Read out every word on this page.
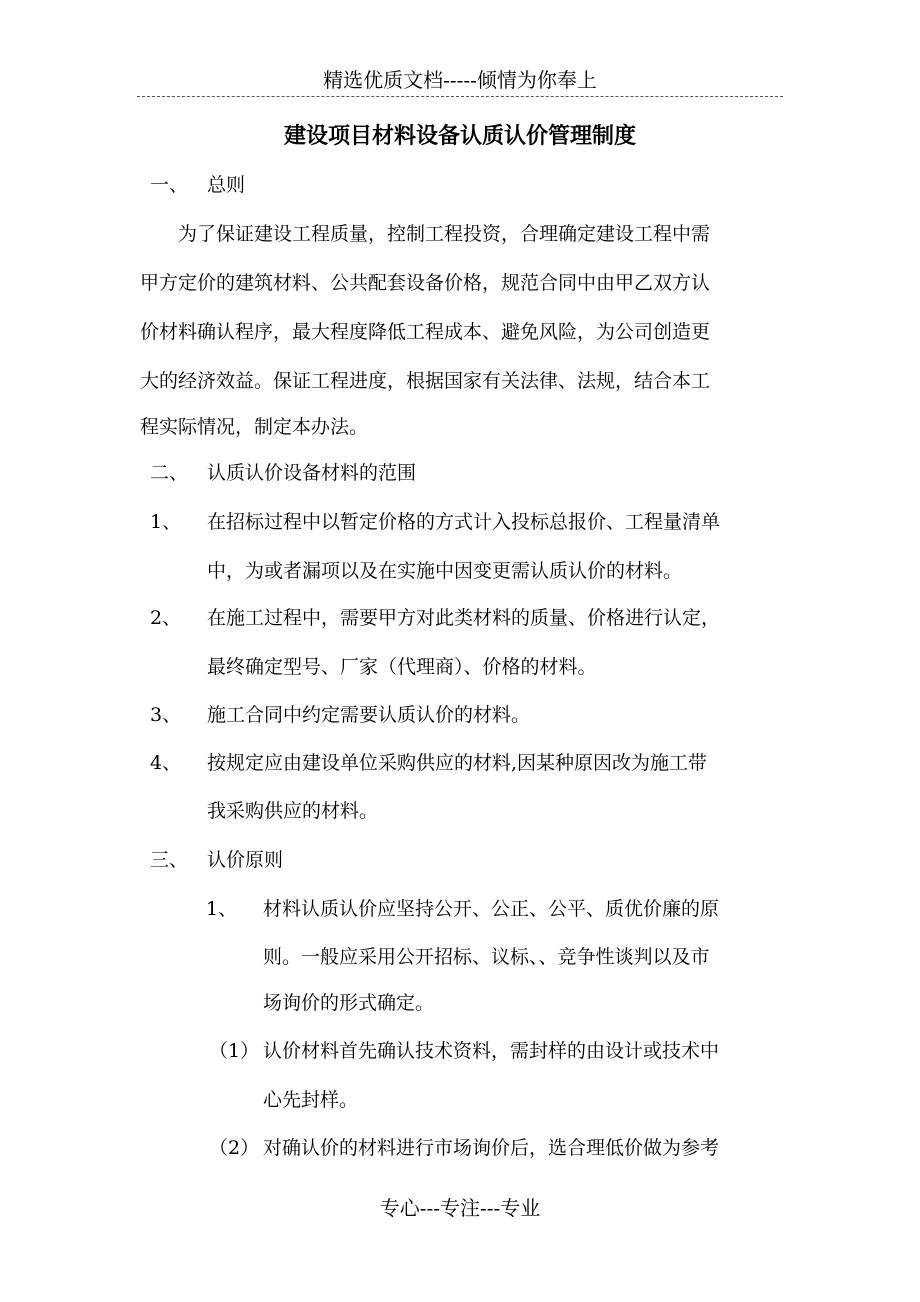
精选优质文档-----倾情为你奉上
建设项目材料设备认质认价管理制度
一、 总则
为了保证建设工程质量，控制工程投资，合理确定建设工程中需
甲方定价的建筑材料、公共配套设备价格，规范合同中由甲乙双方认
价材料确认程序，最大程度降低工程成本、避免风险，为公司创造更
大的经济效益。保证工程进度，根据国家有关法律、法规，结合本工
程实际情况，制定本办法。
二、 认质认价设备材料的范围
1、 在招标过程中以暂定价格的方式计入投标总报价、工程量清单
中，为或者漏项以及在实施中因变更需认质认价的材料。
2、 在施工过程中，需要甲方对此类材料的质量、价格进行认定，
最终确定型号、厂家（代理商）、价格的材料。
3、 施工合同中约定需要认质认价的材料。
4、 按规定应由建设单位采购供应的材料,因某种原因改为施工带
我采购供应的材料。
三、 认价原则
1、 材料认质认价应坚持公开、公正、公平、质优价廉的原
则。一般应采用公开招标、议标、、竞争性谈判以及市
场询价的形式确定。
（1） 认价材料首先确认技术资料，需封样的由设计或技术中
心先封样。
（2） 对确认价的材料进行市场询价后，选合理低价做为参考
专心---专注---专业
